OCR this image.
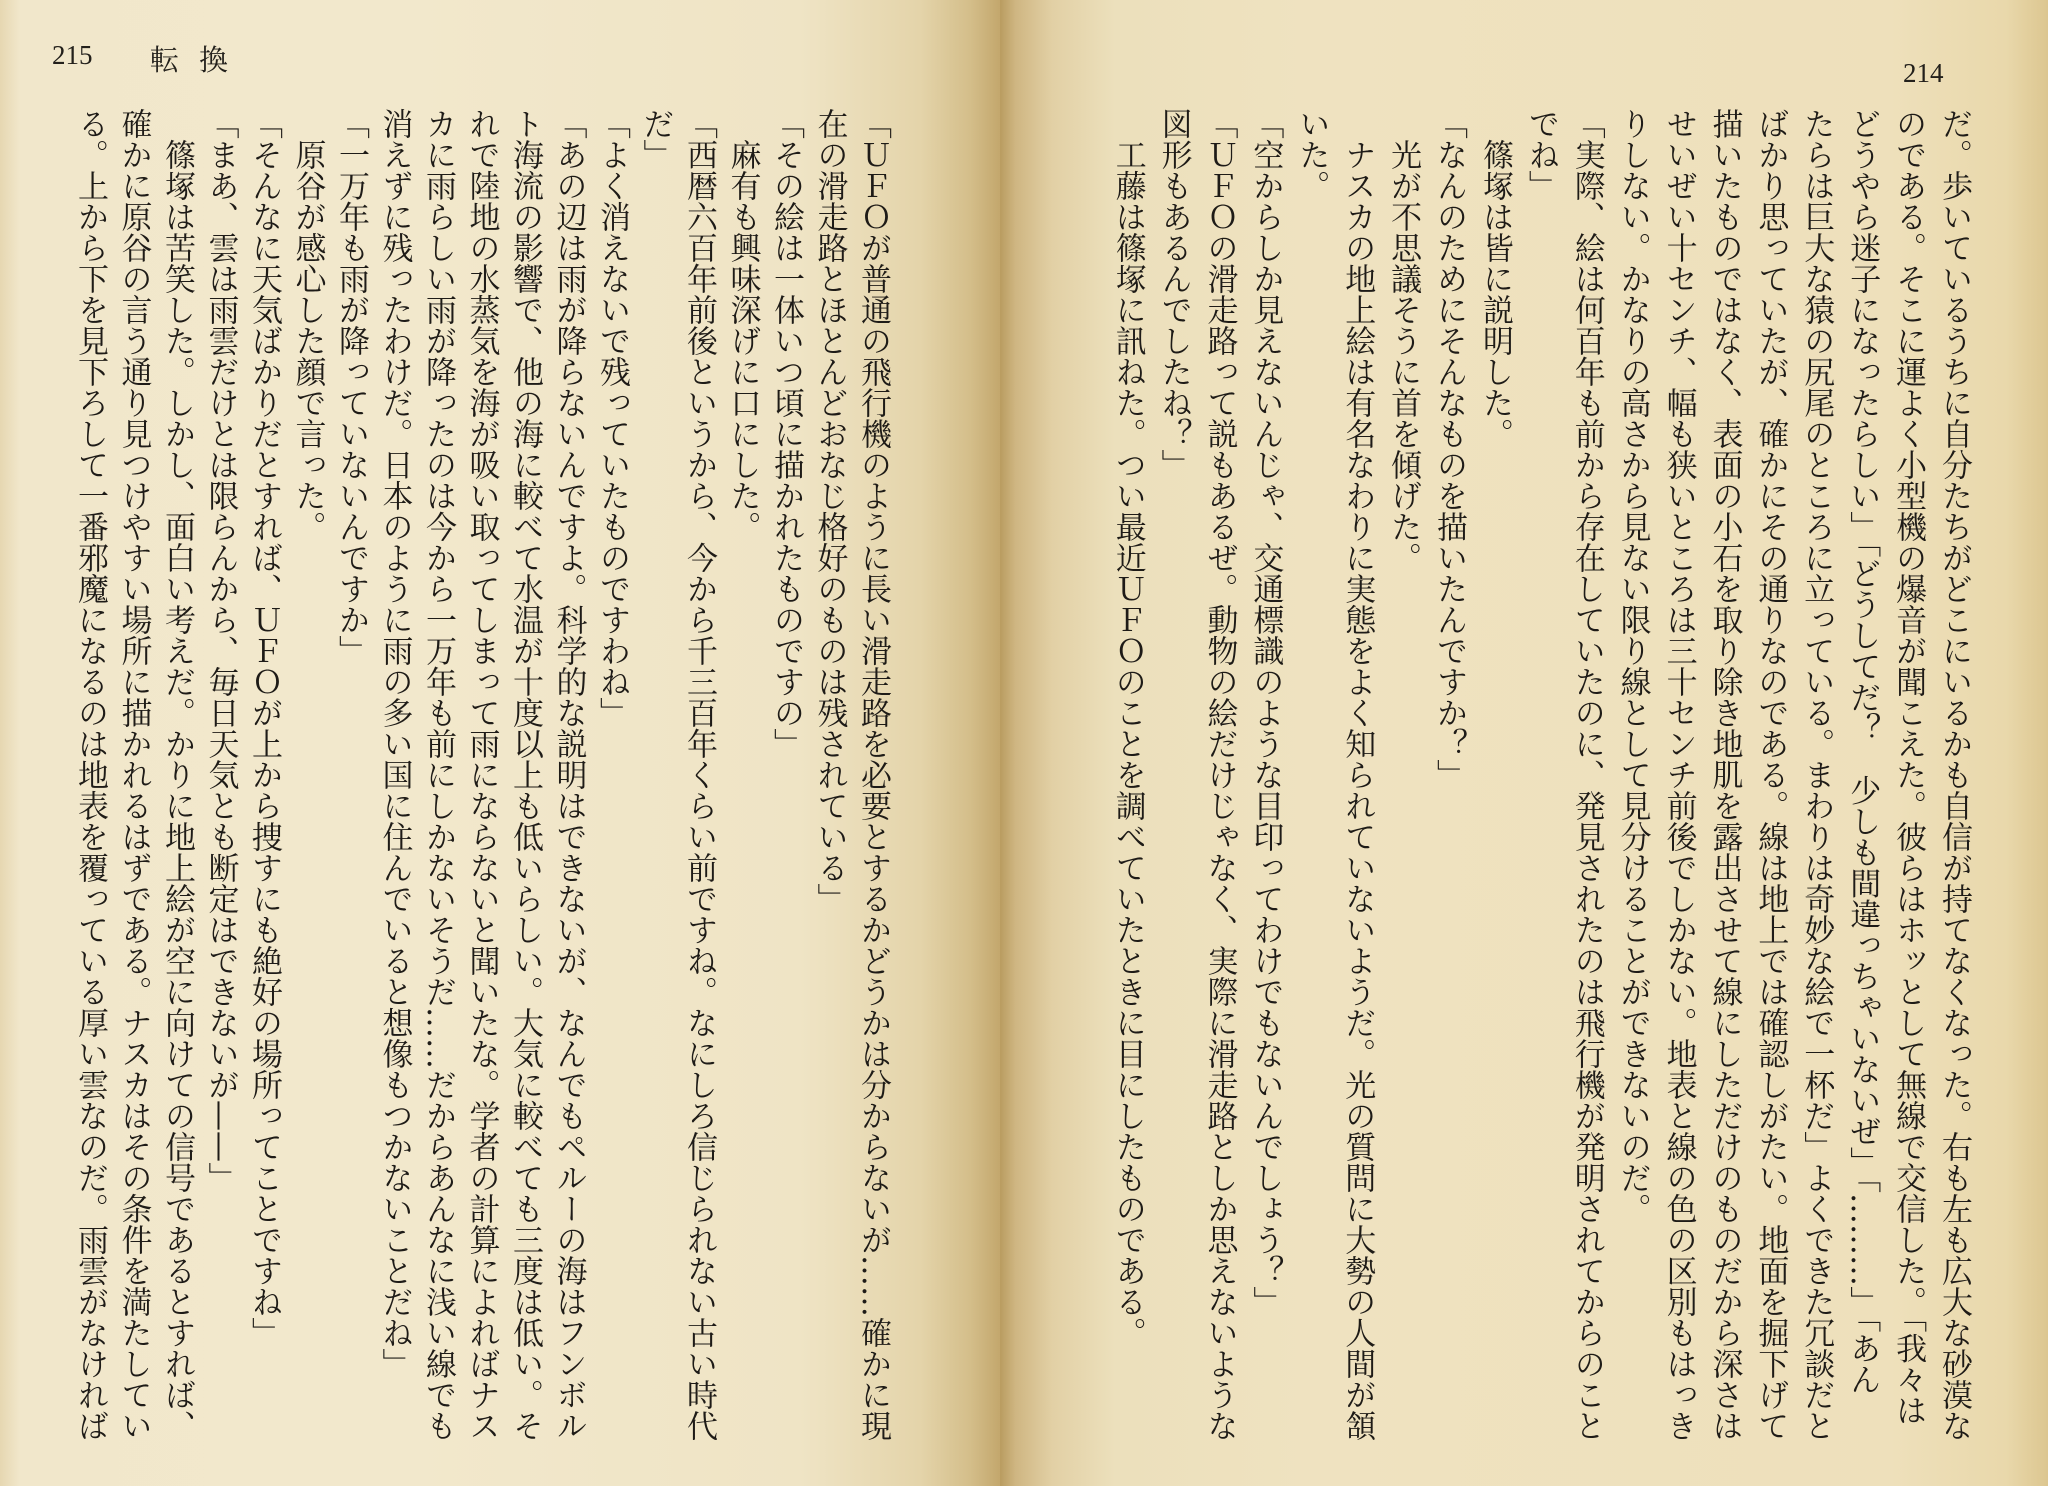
215 転換	214
「ＵＦＯが普通の飛行機のように長い滑走路を必要とするかどうかは分からないが……確かに現
在の滑走路とほとんどおなじ格好のものは残されている」
「その絵は一体いつ頃に描かれたものですの」
　麻有も興味深げに口にした。
「西暦六百年前後というから、今から千三百年くらい前ですね。なにしろ信じられない古い時代
だ」
「よく消えないで残っていたものですわね」
「あの辺は雨が降らないんですよ。科学的な説明はできないが、なんでもペルーの海はフンボル
ト海流の影響で、他の海に較べて水温が十度以上も低いらしい。大気に較べても三度は低い。そ
れで陸地の水蒸気を海が吸い取ってしまって雨にならないと聞いたな。学者の計算によればナス
カに雨らしい雨が降ったのは今から一万年も前にしかないそうだ……だからあんなに浅い線でも
消えずに残ったわけだ。日本のように雨の多い国に住んでいると想像もつかないことだね」
「一万年も雨が降っていないんですか」
　原谷が感心した顔で言った。
「そんなに天気ばかりだとすれば、ＵＦＯが上から捜すにも絶好の場所ってことですね」
「まあ、雲は雨雲だけとは限らんから、毎日天気とも断定はできないが——」
　篠塚は苦笑した。しかし、面白い考えだ。かりに地上絵が空に向けての信号であるとすれば、
確かに原谷の言う通り見つけやすい場所に描かれるはずである。ナスカはその条件を満たしてい
る。上から下を見下ろして一番邪魔になるのは地表を覆っている厚い雲なのだ。雨雲がなければ	だ。歩いているうちに自分たちがどこにいるかも自信が持てなくなった。右も左も広大な砂漠な
のである。そこに運よく小型機の爆音が聞こえた。彼らはホッとして無線で交信した。「我々は
どうやら迷子になったらしい」「どうしてだ？　少しも間違っちゃいないぜ」「………」「あん
たらは巨大な猿の尻尾のところに立っている。まわりは奇妙な絵で一杯だ」よくできた冗談だと
ばかり思っていたが、確かにその通りなのである。線は地上では確認しがたい。地面を掘下げて
描いたものではなく、表面の小石を取り除き地肌を露出させて線にしただけのものだから深さは
せいぜい十センチ、幅も狭いところは三十センチ前後でしかない。地表と線の色の区別もはっき
りしない。かなりの高さから見ない限り線として見分けることができないのだ。
「実際、絵は何百年も前から存在していたのに、発見されたのは飛行機が発明されてからのこと
でね」
　篠塚は皆に説明した。
「なんのためにそんなものを描いたんですか？」
　光が不思議そうに首を傾げた。
　ナスカの地上絵は有名なわりに実態をよく知られていないようだ。光の質問に大勢の人間が頷
いた。
「空からしか見えないんじゃ、交通標識のような目印ってわけでもないんでしょう？」
「ＵＦＯの滑走路って説もあるぜ。動物の絵だけじゃなく、実際に滑走路としか思えないような
図形もあるんでしたね？」
　工藤は篠塚に訊ねた。つい最近ＵＦＯのことを調べていたときに目にしたものである。
